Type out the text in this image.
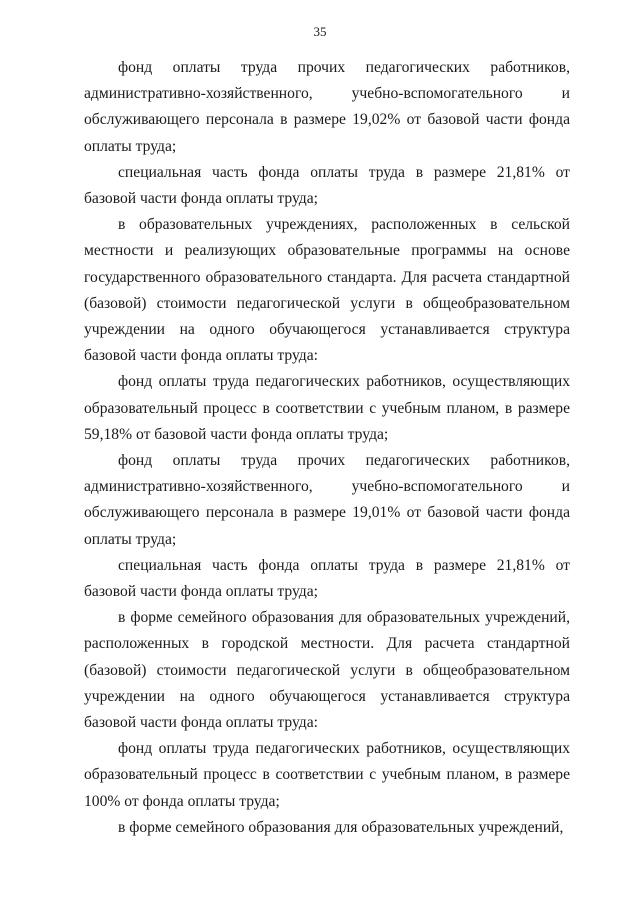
35

фонд оплаты труда прочих педагогических работников, административно-хозяйственного, учебно-вспомогательного и обслуживающего персонала в размере 19,02% от базовой части фонда оплаты труда;

специальная часть фонда оплаты труда в размере 21,81% от базовой части фонда оплаты труда;

в образовательных учреждениях, расположенных в сельской местности и реализующих образовательные программы на основе государственного образовательного стандарта. Для расчета стандартной (базовой) стоимости педагогической услуги в общеобразовательном учреждении на одного обучающегося устанавливается структура базовой части фонда оплаты труда:

фонд оплаты труда педагогических работников, осуществляющих образовательный процесс в соответствии с учебным планом, в размере 59,18% от базовой части фонда оплаты труда;

фонд оплаты труда прочих педагогических работников, административно-хозяйственного, учебно-вспомогательного и обслуживающего персонала в размере 19,01% от базовой части фонда оплаты труда;

специальная часть фонда оплаты труда в размере 21,81% от базовой части фонда оплаты труда;

в форме семейного образования для образовательных учреждений, расположенных в городской местности. Для расчета стандартной (базовой) стоимости педагогической услуги в общеобразовательном учреждении на одного обучающегося устанавливается структура базовой части фонда оплаты труда:

фонд оплаты труда педагогических работников, осуществляющих образовательный процесс в соответствии с учебным планом, в размере 100% от фонда оплаты труда;

в форме семейного образования для образовательных учреждений,
